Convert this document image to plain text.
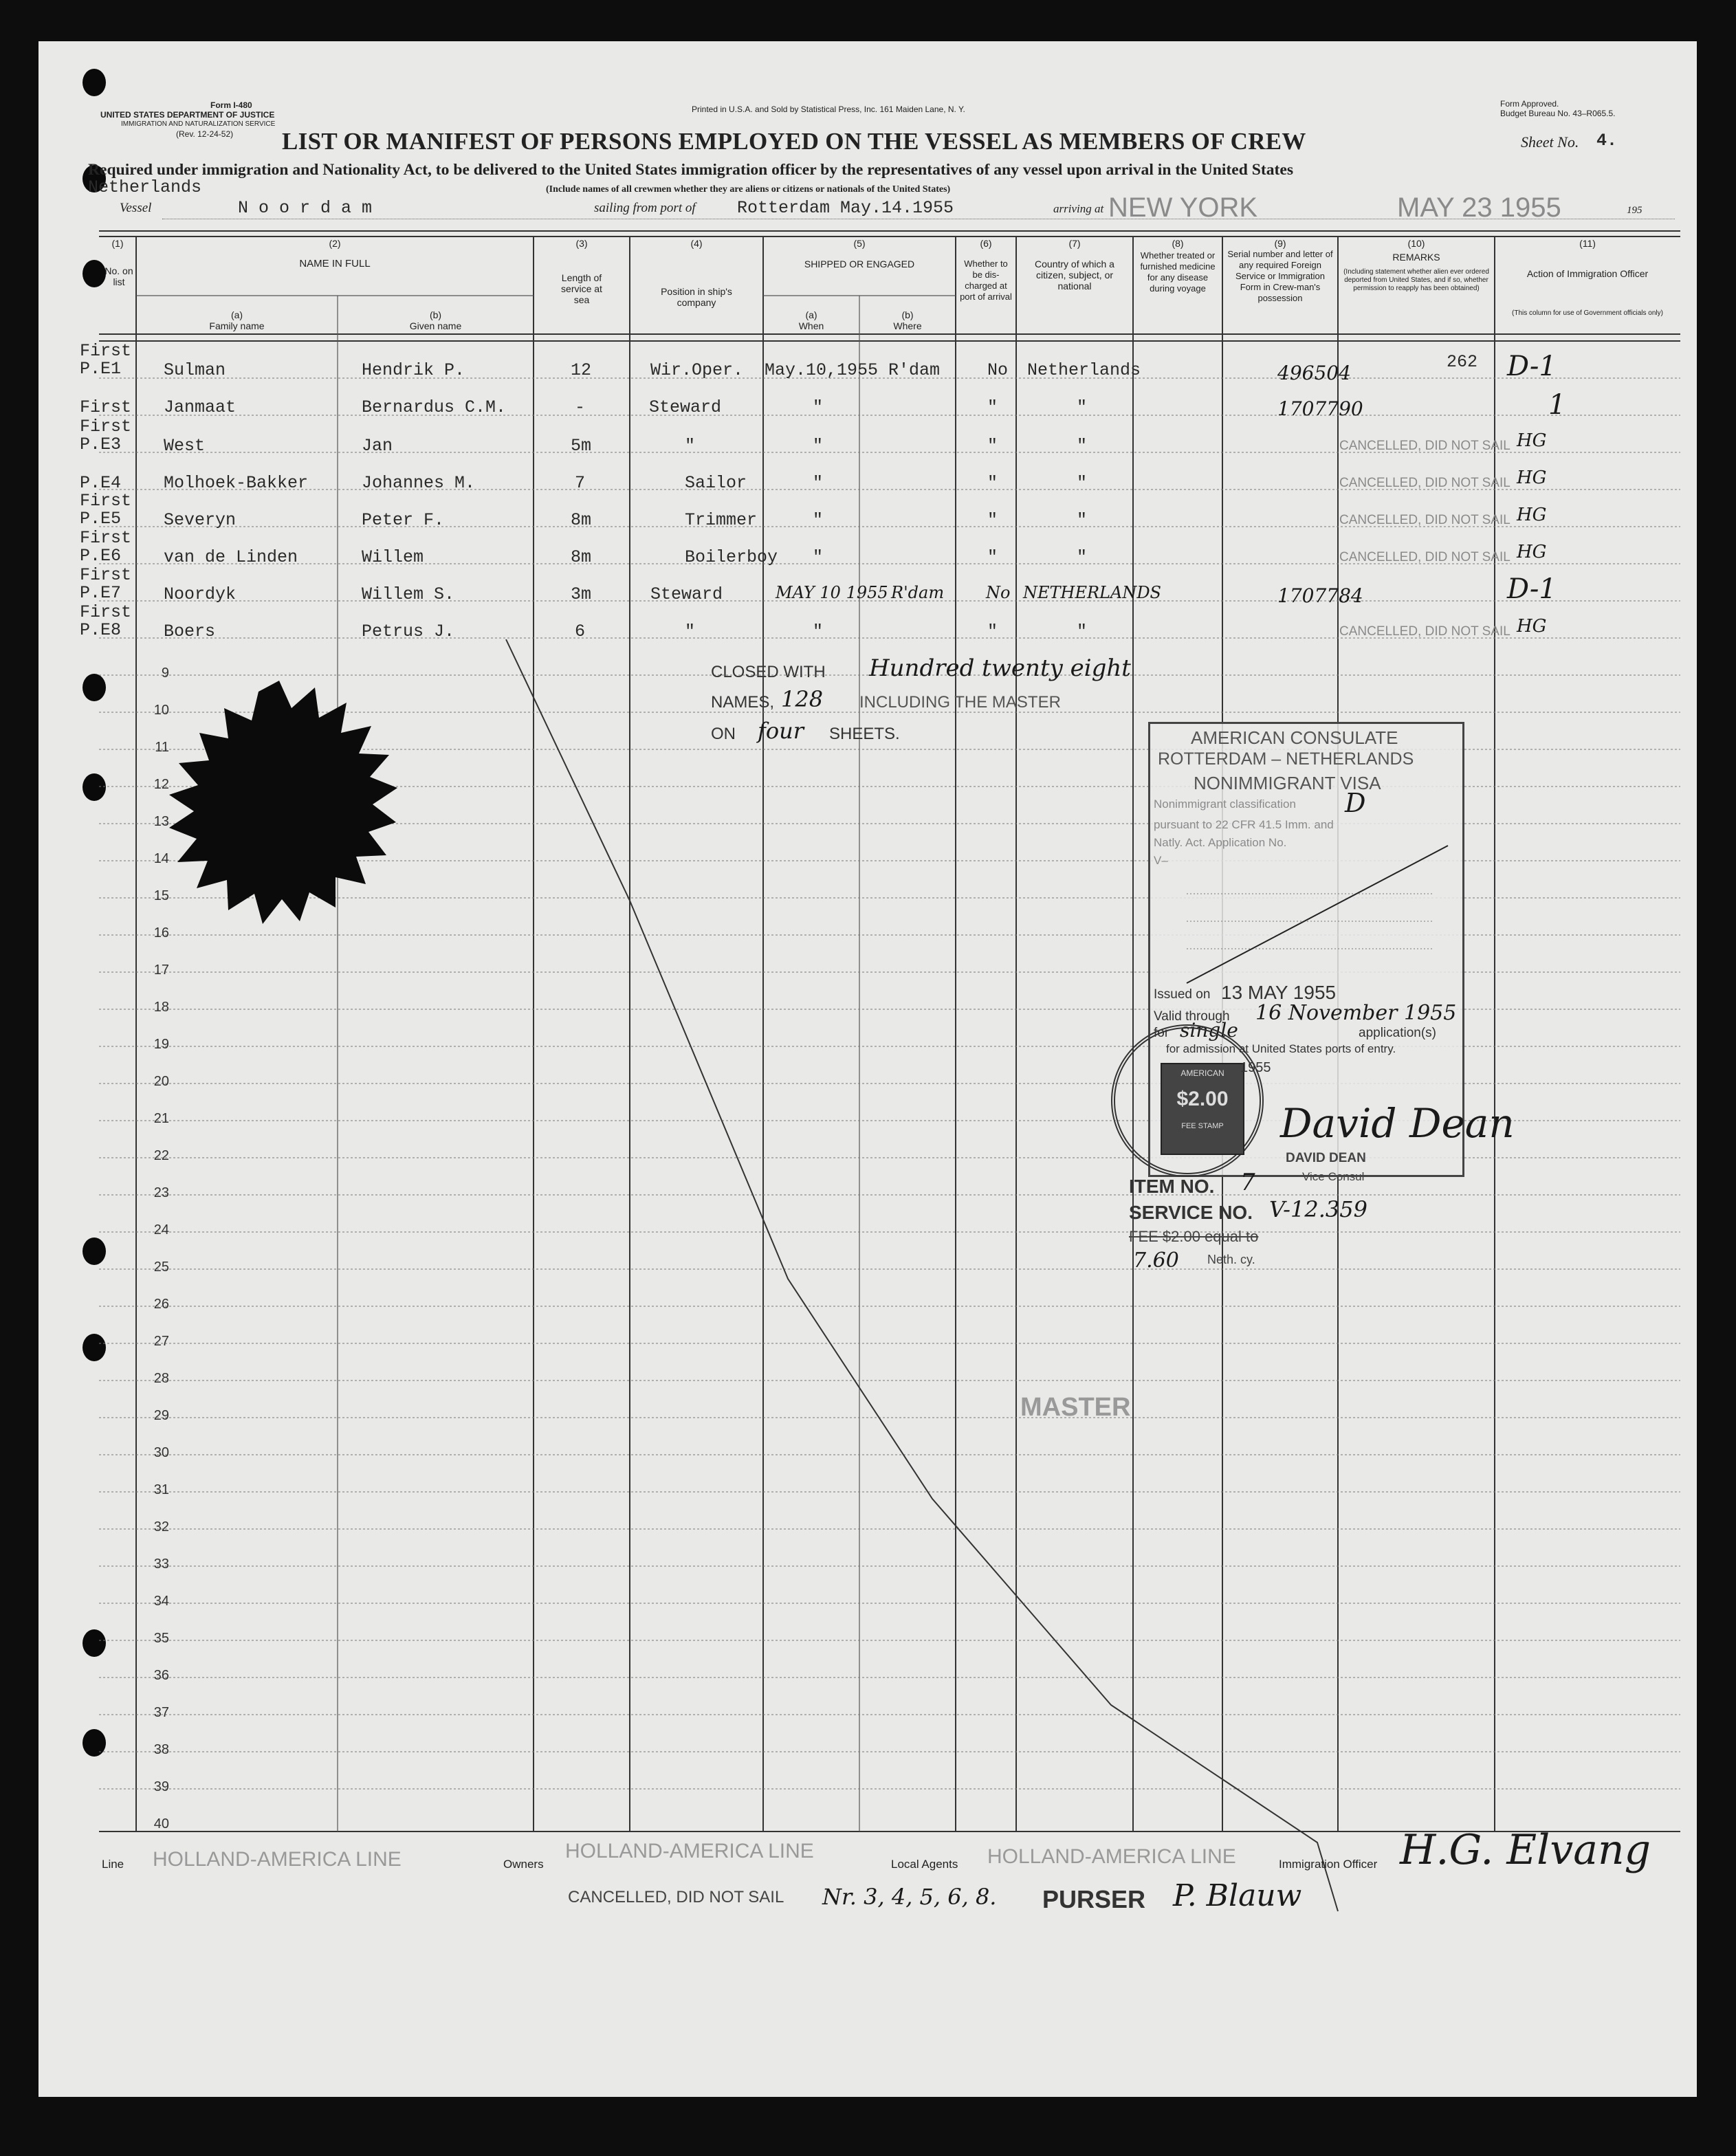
Form I-480
UNITED STATES DEPARTMENT OF JUSTICE
IMMIGRATION AND NATURALIZATION SERVICE
(Rev. 12-24-52)
Printed in U.S.A. and Sold by Statistical Press, Inc. 161 Maiden Lane, N. Y.
Form Approved.
Budget Bureau No. 43–R065.5.
LIST OR MANIFEST OF PERSONS EMPLOYED ON THE VESSEL AS MEMBERS OF CREW	Sheet No. 4.
Required under immigration and Nationality Act, to be delivered to the United States immigration officer by the representatives of any vessel upon arrival in the United States
Netherlands	(Include names of all crewmen whether they are aliens or citizens or nationals of the United States)
Vessel	N o o r d a m	sailing from port of Rotterdam May.14.1955	arriving at NEW YORK	MAY 23 1955	195
(1)
No. on list
(2)
NAME IN FULL
(a)
Family name
(b)
Given name
(3)
Length of service at sea
(4)
Position in ship's company
(5)
SHIPPED OR ENGAGED
(a)
When
(b)
Where
(6)
Whether to be dis-charged at port of arrival
(7)
Country of which a citizen, subject, or national
(8)
Whether treated or furnished medicine for any disease during voyage
(9)
Serial number and letter of any required Foreign Service or Immigration Form in Crew-man's possession
(10)
REMARKS
(Including statement whether alien ever ordered deported from United States, and if so, whether permission to reapply has been obtained)
(11)
Action of Immigration Officer
(This column for use of Government officials only)
First P.E1	Sulman	Hendrik P.	12	Wir.Oper. May.10,1955 R'dam	No Netherlands	496504	262 D-1
First Janmaat	Bernardus C.M.	-	Steward	"	"	"	1707790	1
First P.E3	West	Jan	5m	"	"	"	"	CANCELLED, DID NOT SAIL HG
P.E4 Molhoek-Bakker	Johannes M.	7	Sailor	"	"	"	CANCELLED, DID NOT SAIL HG
First P.E5	Severyn	Peter F.	8m	Trimmer	"	"	"	CANCELLED, DID NOT SAIL HG
First P.E6	van de Linden	Willem	8m	Boilerboy "	"	"	CANCELLED, DID NOT SAIL HG
First P.E7	Noordyk	Willem S.	3m	Steward	MAY 10 1955 R'dam	No NETHERLANDS	1707784	D-1
First P.E8	Boers	Petrus J.	6	"	"	"	"	CANCELLED, DID NOT SAIL HG
9
10
11
12
13
14
15
16
17
18
19
20
21
22
23
24
25
26
27
28
29
30
31
32
33
34
35
36
37
38
39
40
CLOSED WITH Hundred twenty eight
NAMES, 128 INCLUDING THE MASTER
ON four SHEETS.	AMERICAN CONSULATE
ROTTERDAM – NETHERLANDS
NONIMMIGRANT VISA
Nonimmigrant classification D
pursuant to 22 CFR 41.5 Imm. and
Natly. Act. Application No.
V–
Issued on 13 MAY 1955
Valid through 16 November 1955
for single	application(s)
for admission at United States ports of entry.
AMERICAN
$2.00
FEE STAMP
1955
David Dean
DAVID DEAN
Vice Consul
ITEM NO. 7
SERVICE NO. V-12.359
FEE $2.00 equal to
7.60 Neth. cy.
MASTER
Line HOLLAND-AMERICA LINE	Owners
HOLLAND-AMERICA LINE
Local Agents HOLLAND-AMERICA LINE	Immigration Officer H.G. Elvang
CANCELLED, DID NOT SAIL Nr. 3, 4, 5, 6, 8. PURSER P. Blauw
